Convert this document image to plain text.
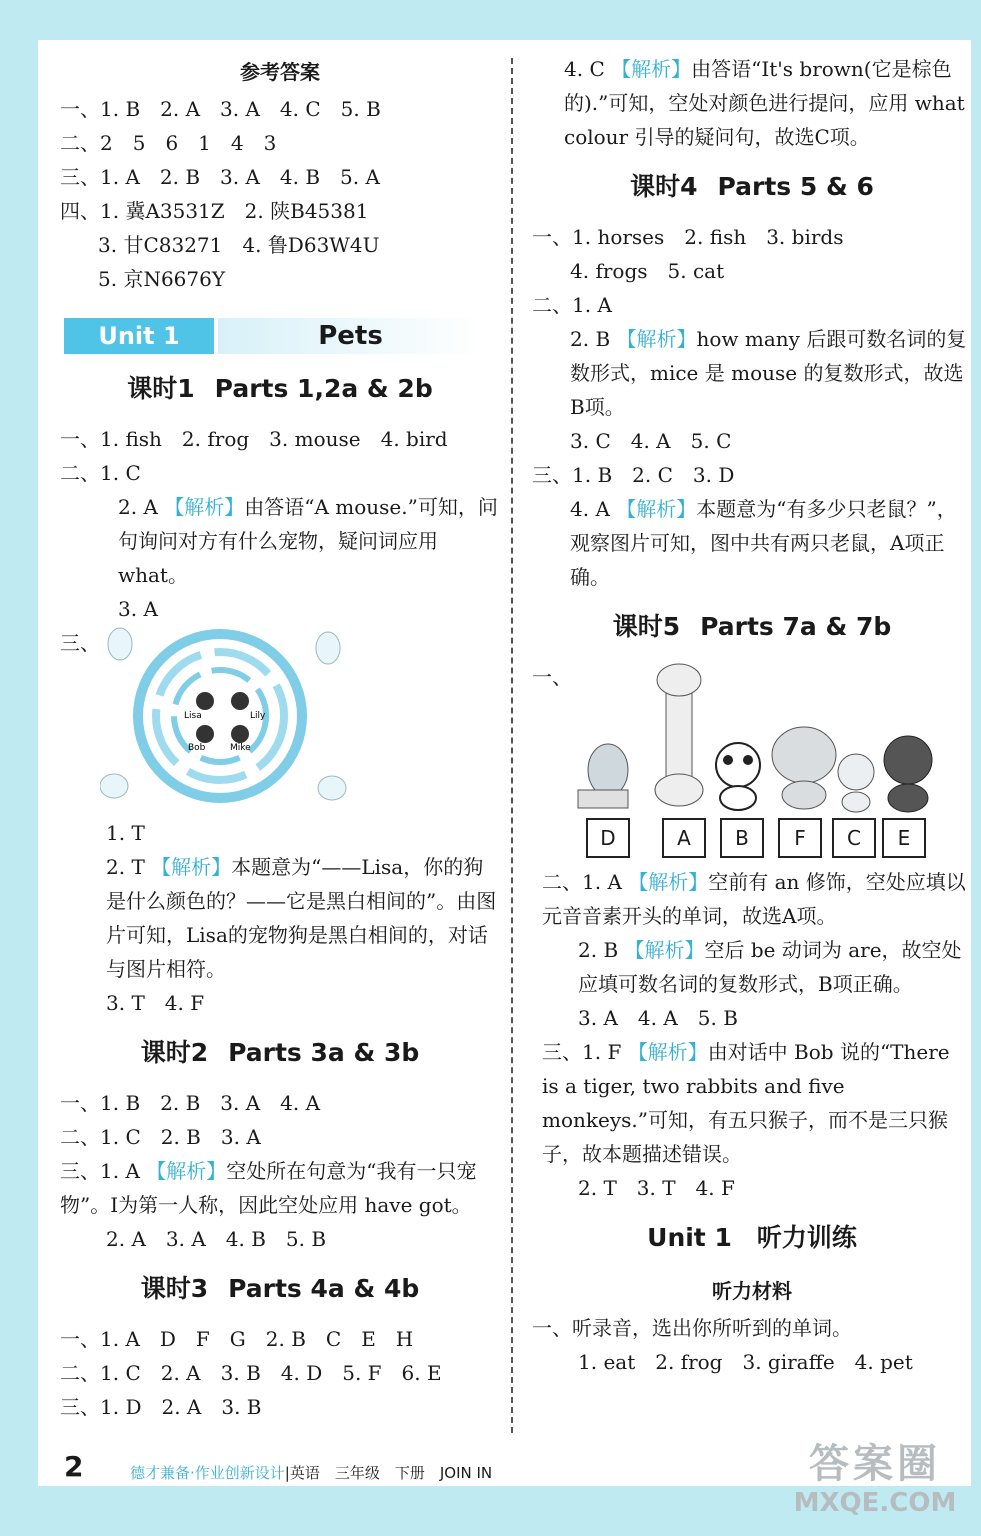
参考答案
一、1. B　2. A　3. A　4. C　5. B
二、2　5　6　1　4　3
三、1. A　2. B　3. A　4. B　5. A
四、1. 冀A3531Z　2. 陕B45381
3. 甘C83271　4. 鲁D63W4U
5. 京N6676Y
Unit 1	Pets
课时1 Parts 1,2a & 2b
一、1. fish　2. frog　3. mouse　4. bird
二、1. C
2. A 【解析】由答语“A mouse.”可知，问句询问对方有什么宠物，疑问词应用 what。
3. A
三、
Lisa	Lily
Bob	Mike
1. T
2. T 【解析】本题意为“——Lisa，你的狗是什么颜色的？——它是黑白相间的”。由图片可知，Lisa的宠物狗是黑白相间的，对话与图片相符。
3. T　4. F
课时2 Parts 3a & 3b
一、1. B　2. B　3. A　4. A
二、1. C　2. B　3. A
三、1. A 【解析】空处所在句意为“我有一只宠物”。I为第一人称，因此空处应用 have got。
2. A　3. A　4. B　5. B
课时3 Parts 4a & 4b
一、1. A　D　F　G　2. B　C　E　H
二、1. C　2. A　3. B　4. D　5. F　6. E
三、1. D　2. A　3. B
4. C 【解析】由答语“It's brown(它是棕色的).”可知，空处对颜色进行提问，应用 what colour 引导的疑问句，故选C项。
课时4 Parts 5 & 6
一、1. horses　2. fish　3. birds
4. frogs　5. cat
二、1. A
2. B 【解析】how many 后跟可数名词的复数形式，mice 是 mouse 的复数形式，故选B项。
3. C　4. A　5. C
三、1. B　2. C　3. D
4. A 【解析】本题意为“有多少只老鼠？”，观察图片可知，图中共有两只老鼠，A项正确。
课时5 Parts 7a & 7b
一、
D	A	B	F	C	E
二、1. A 【解析】空前有 an 修饰，空处应填以元音音素开头的单词，故选A项。
2. B 【解析】空后 be 动词为 are，故空处应填可数名词的复数形式，B项正确。
3. A　4. A　5. B
三、1. F 【解析】由对话中 Bob 说的“There is a tiger, two rabbits and five monkeys.”可知，有五只猴子，而不是三只猴子，故本题描述错误。
2. T　3. T　4. F
Unit 1　听力训练
听力材料
一、听录音，选出你所听到的单词。
1. eat　2. frog　3. giraffe　4. pet
2	德才兼备·作业创新设计|英语　三年级　下册　JOIN IN	答案圈
MXQE.COM
